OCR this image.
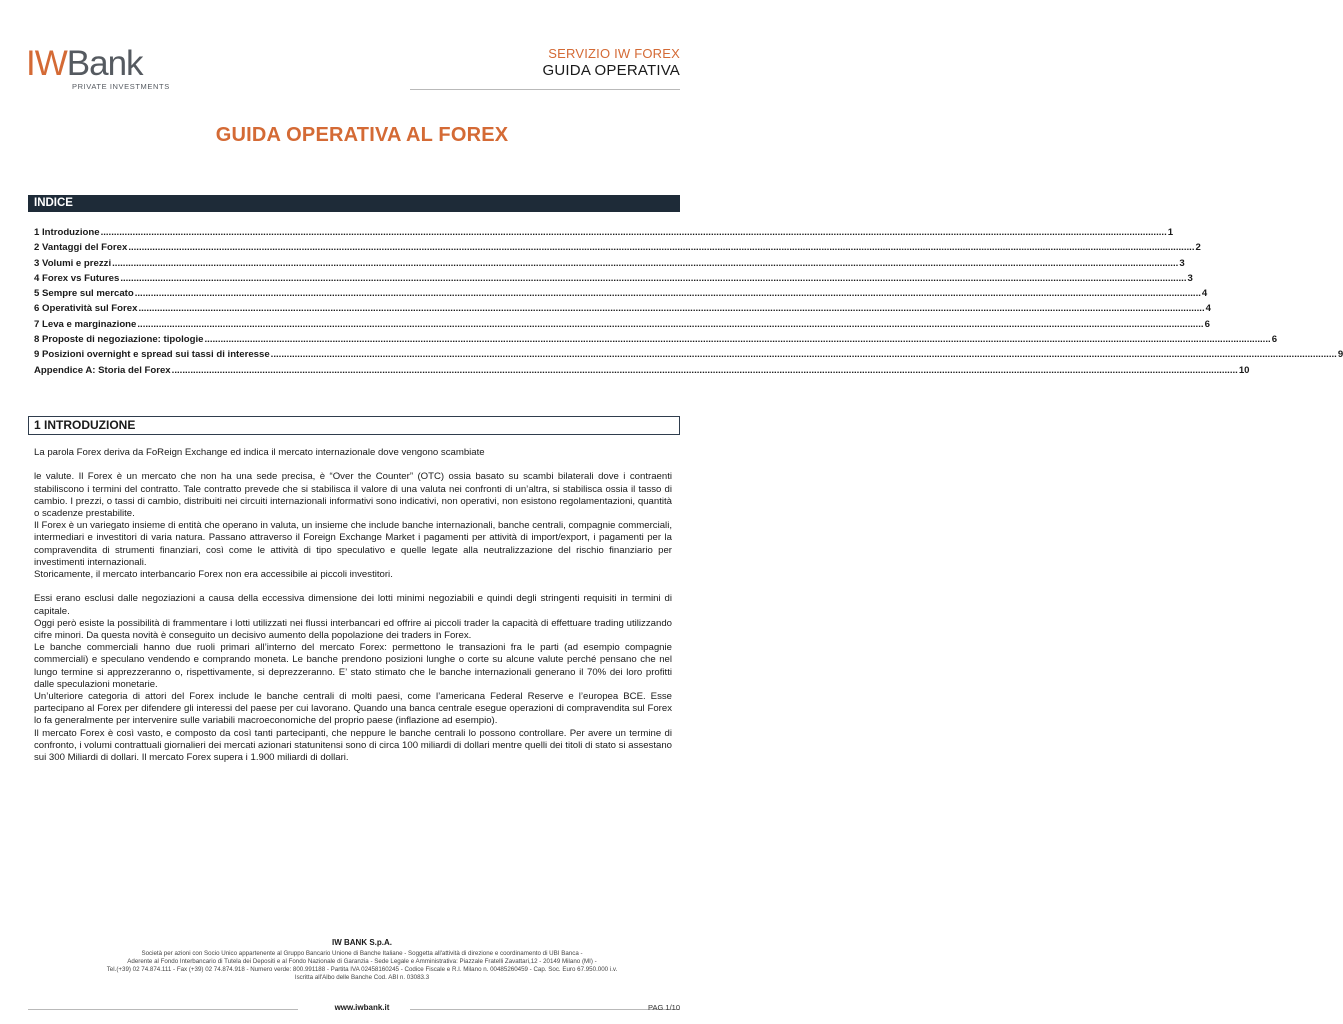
IWBank
PRIVATE INVESTMENTS
SERVIZIO IW FOREX
GUIDA OPERATIVA
GUIDA OPERATIVA AL FOREX
INDICE
1 Introduzione ................................................................................................................................................................................................................................................................................................................................................................................................................ 1
2 Vantaggi del Forex ................................................................................................................................................................................................................................................................................................................................................................................................................ 2
3 Volumi e prezzi ................................................................................................................................................................................................................................................................................................................................................................................................................ 3
4 Forex vs Futures ................................................................................................................................................................................................................................................................................................................................................................................................................ 3
5 Sempre sul mercato ................................................................................................................................................................................................................................................................................................................................................................................................................ 4
6 Operatività sul Forex ................................................................................................................................................................................................................................................................................................................................................................................................................ 4
7 Leva e marginazione ................................................................................................................................................................................................................................................................................................................................................................................................................ 6
8 Proposte di negoziazione: tipologie ................................................................................................................................................................................................................................................................................................................................................................................................................ 6
9 Posizioni overnight e spread sui tassi di interesse ................................................................................................................................................................................................................................................................................................................................................................................................................ 9
Appendice A: Storia del Forex ................................................................................................................................................................................................................................................................................................................................................................................................................ 10
1 INTRODUZIONE

La parola Forex deriva da FoReign Exchange ed indica il mercato internazionale dove vengono scambiate

le valute. Il Forex è un mercato che non ha una sede precisa, è “Over the Counter” (OTC) ossia basato su scambi bilaterali dove i contraenti stabiliscono i termini del contratto. Tale contratto prevede che si stabilisca il valore di una valuta nei confronti di un’altra, si stabilisca ossia il tasso di cambio. I prezzi, o tassi di cambio, distribuiti nei circuiti internazionali informativi sono indicativi, non operativi, non esistono regolamentazioni, quantità o scadenze prestabilite.

Il Forex è un variegato insieme di entità che operano in valuta, un insieme che include banche internazionali, banche centrali, compagnie commerciali, intermediari e investitori di varia natura. Passano attraverso il Foreign Exchange Market i pagamenti per attività di import/export, i pagamenti per la compravendita di strumenti finanziari, così come le attività di tipo speculativo e quelle legate alla neutralizzazione del rischio finanziario per investimenti internazionali.

Storicamente, il mercato interbancario Forex non era accessibile ai piccoli investitori.

Essi erano esclusi dalle negoziazioni a causa della eccessiva dimensione dei lotti minimi negoziabili e quindi degli stringenti requisiti in termini di capitale.

Oggi però esiste la possibilità di frammentare i lotti utilizzati nei flussi interbancari ed offrire ai piccoli trader la capacità di effettuare trading utilizzando cifre minori. Da questa novità è conseguito un decisivo aumento della popolazione dei traders in Forex.

Le banche commerciali hanno due ruoli primari all’interno del mercato Forex: permettono le transazioni fra le parti (ad esempio compagnie commerciali) e speculano vendendo e comprando moneta. Le banche prendono posizioni lunghe o corte su alcune valute perché pensano che nel lungo termine si apprezzeranno o, rispettivamente, si deprezzeranno. E’ stato stimato che le banche internazionali generano il 70% dei loro profitti dalle speculazioni monetarie.

Un’ulteriore categoria di attori del Forex include le banche centrali di molti paesi, come l’americana Federal Reserve e l’europea BCE. Esse partecipano al Forex per difendere gli interessi del paese per cui lavorano. Quando una banca centrale esegue operazioni di compravendita sul Forex lo fa generalmente per intervenire sulle variabili macroeconomiche del proprio paese (inflazione ad esempio).

Il mercato Forex è così vasto, e composto da così tanti partecipanti, che neppure le banche centrali lo possono controllare. Per avere un termine di confronto, i volumi contrattuali giornalieri dei mercati azionari statunitensi sono di circa 100 miliardi di dollari mentre quelli dei titoli di stato si assestano sui 300 Miliardi di dollari. Il mercato Forex supera i 1.900 miliardi di dollari.

IW BANK S.p.A.
Società per azioni con Socio Unico appartenente al Gruppo Bancario Unione di Banche Italiane - Soggetta all'attività di direzione e coordinamento di UBI Banca -
Aderente al Fondo Interbancario di Tutela dei Depositi e al Fondo Nazionale di Garanzia - Sede Legale e Amministrativa: Piazzale Fratelli Zavattari,12 - 20149 Milano (MI) -
Tel.(+39) 02 74.874.111 - Fax (+39) 02 74.874.918 - Numero verde: 800.991188 - Partita IVA 02458160245 - Codice Fiscale e R.I. Milano n. 00485260459 - Cap. Soc. Euro 67.950.000 i.v.
Iscritta all'Albo delle Banche Cod. ABI n. 03083.3
www.iwbank.it	PAG 1/10
